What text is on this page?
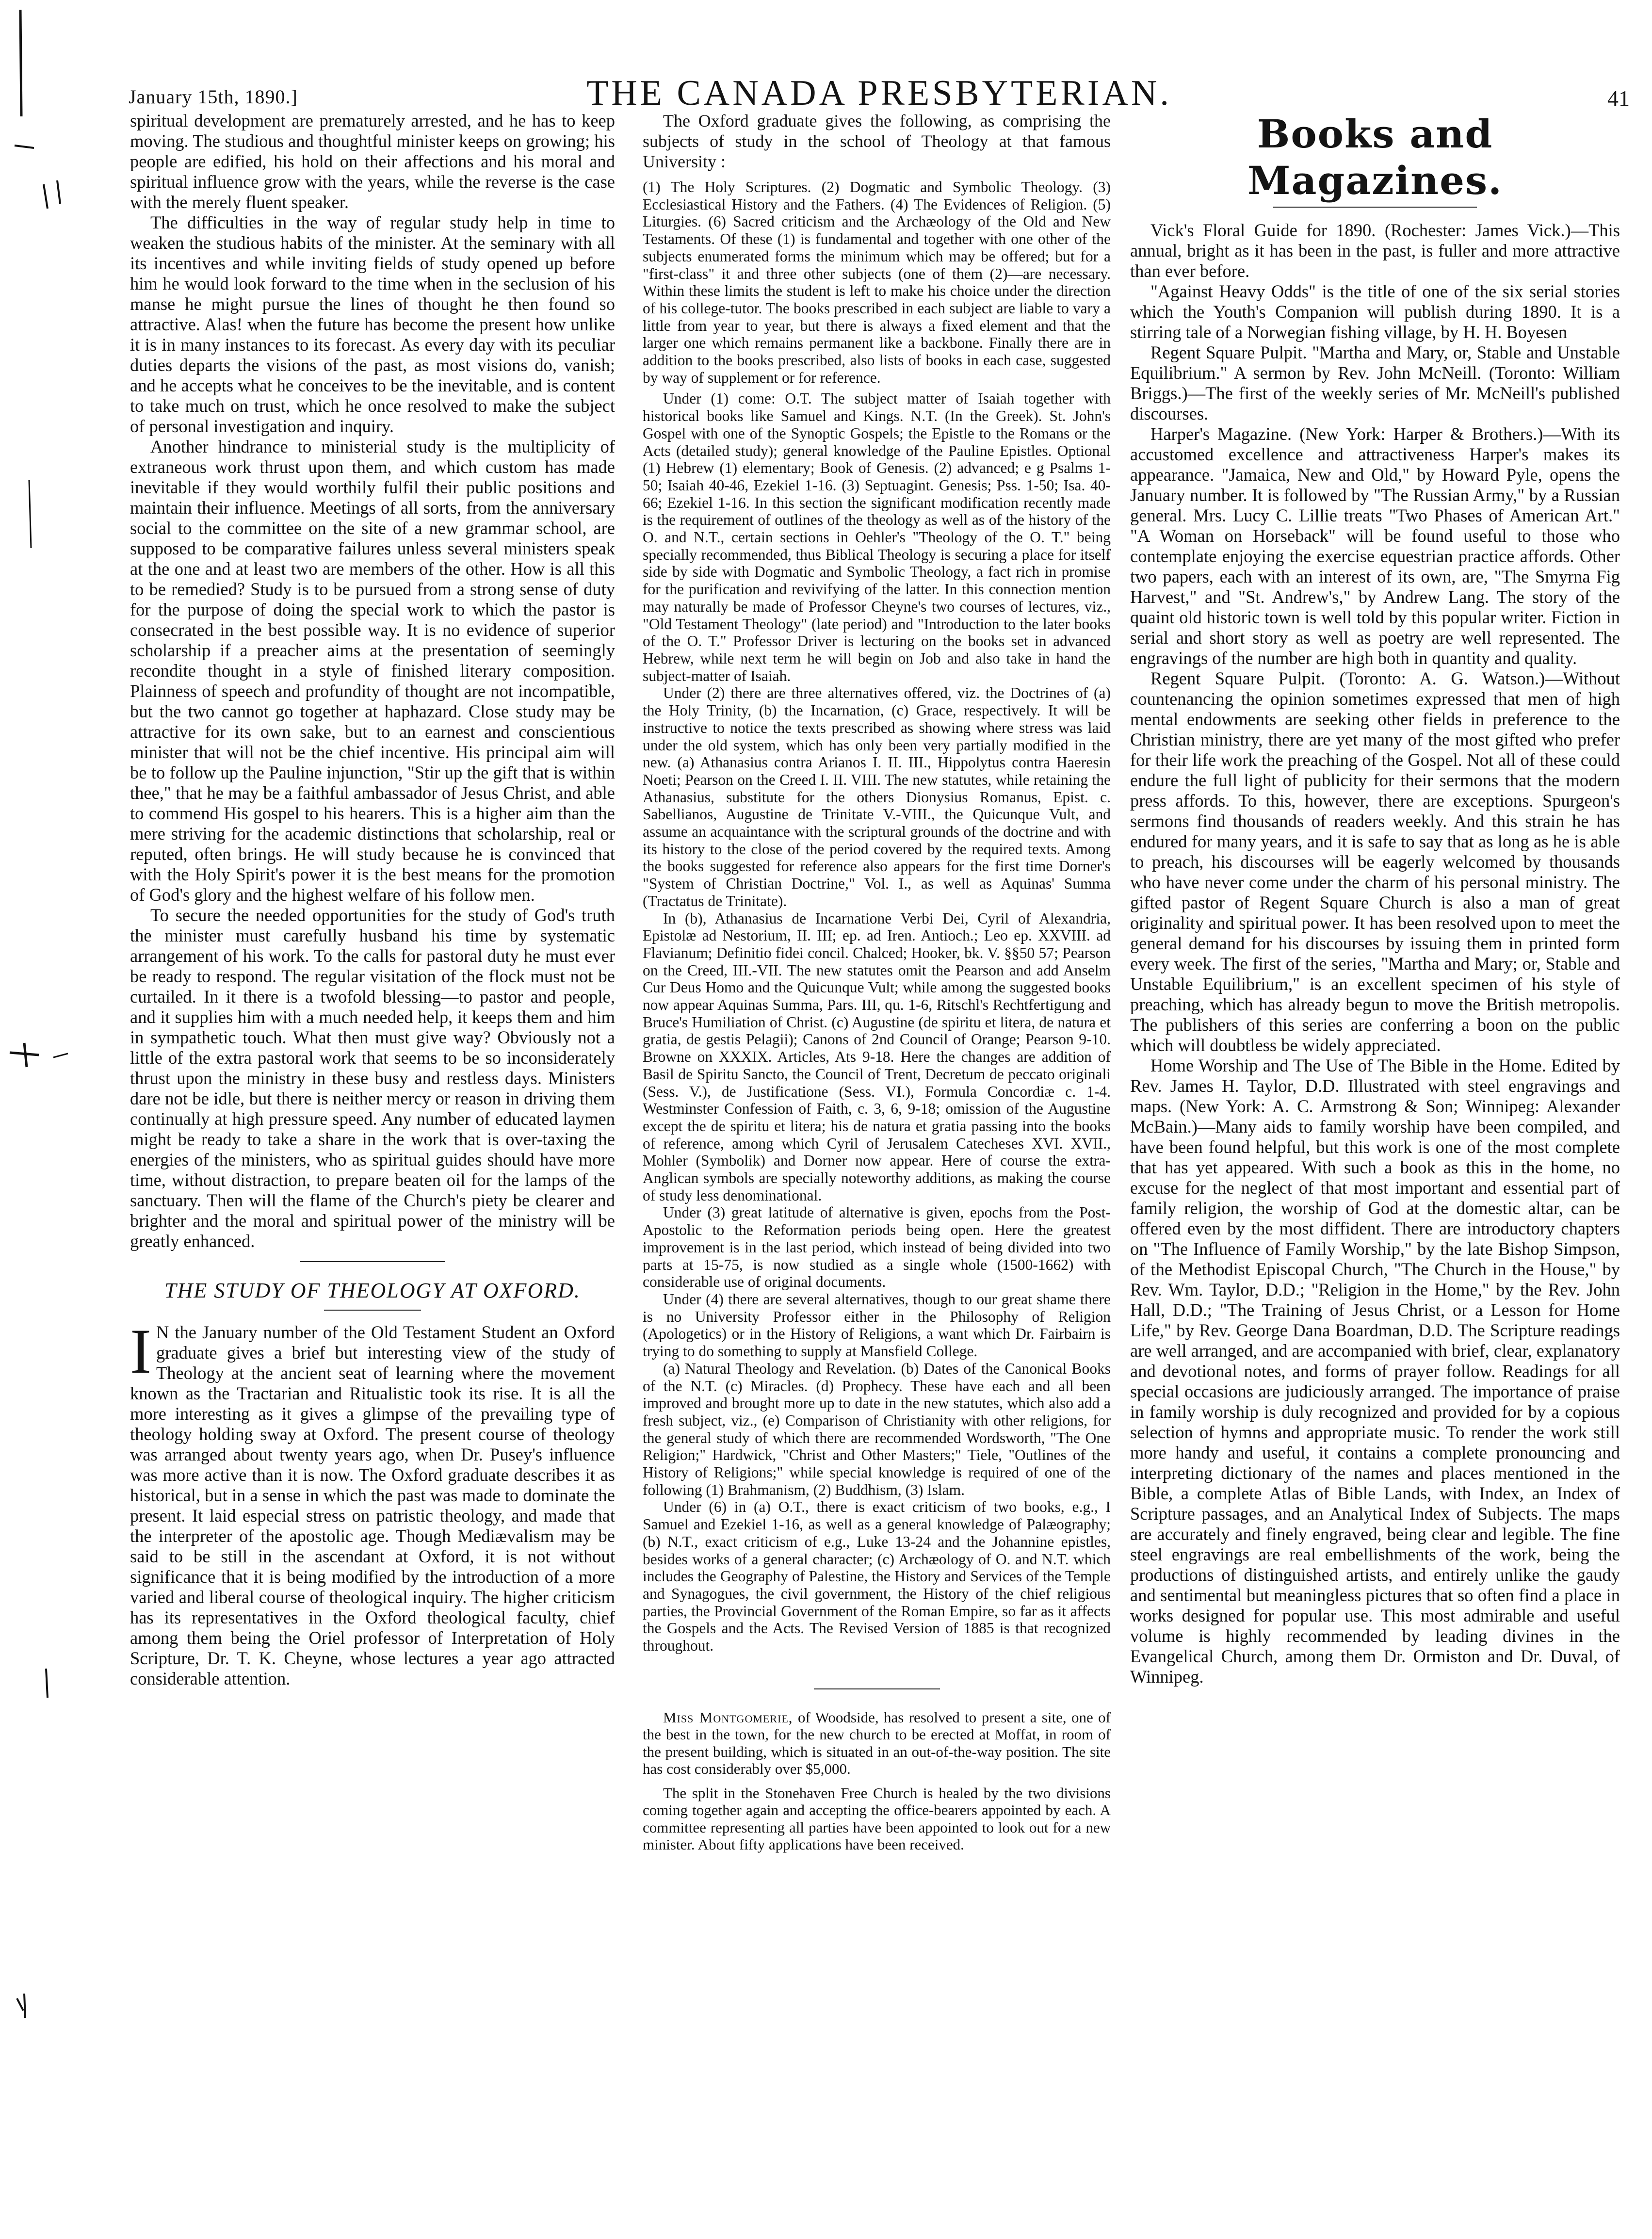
January 15th, 1890.]	THE CANADA PRESBYTERIAN.	41

spiritual development are prematurely arrested, and he has to keep moving. The studious and thoughtful minister keeps on growing; his people are edified, his hold on their affections and his moral and spiritual influence grow with the years, while the reverse is the case with the merely fluent speaker.

The difficulties in the way of regular study help in time to weaken the studious habits of the minister. At the seminary with all its incentives and while inviting fields of study opened up before him he would look forward to the time when in the seclusion of his manse he might pursue the lines of thought he then found so attractive. Alas! when the future has become the present how unlike it is in many instances to its forecast. As every day with its peculiar duties departs the visions of the past, as most visions do, vanish; and he accepts what he conceives to be the inevitable, and is content to take much on trust, which he once resolved to make the subject of personal investigation and inquiry.

Another hindrance to ministerial study is the multiplicity of extraneous work thrust upon them, and which custom has made inevitable if they would worthily fulfil their public positions and maintain their influence. Meetings of all sorts, from the anniversary social to the committee on the site of a new grammar school, are supposed to be comparative failures unless several ministers speak at the one and at least two are members of the other. How is all this to be remedied? Study is to be pursued from a strong sense of duty for the purpose of doing the special work to which the pastor is consecrated in the best possible way. It is no evidence of superior scholarship if a preacher aims at the presentation of seemingly recondite thought in a style of finished literary composition. Plainness of speech and profundity of thought are not incompatible, but the two cannot go together at haphazard. Close study may be attractive for its own sake, but to an earnest and conscientious minister that will not be the chief incentive. His principal aim will be to follow up the Pauline injunction, "Stir up the gift that is within thee," that he may be a faithful ambassador of Jesus Christ, and able to commend His gospel to his hearers. This is a higher aim than the mere striving for the academic distinctions that scholarship, real or reputed, often brings. He will study because he is convinced that with the Holy Spirit's power it is the best means for the promotion of God's glory and the highest welfare of his follow men.

To secure the needed opportunities for the study of God's truth the minister must carefully husband his time by systematic arrangement of his work. To the calls for pastoral duty he must ever be ready to respond. The regular visitation of the flock must not be curtailed. In it there is a twofold blessing—to pastor and people, and it supplies him with a much needed help, it keeps them and him in sympathetic touch. What then must give way? Obviously not a little of the extra pastoral work that seems to be so inconsiderately thrust upon the ministry in these busy and restless days. Ministers dare not be idle, but there is neither mercy or reason in driving them continually at high pressure speed. Any number of educated laymen might be ready to take a share in the work that is over-taxing the energies of the ministers, who as spiritual guides should have more time, without distraction, to prepare beaten oil for the lamps of the sanctuary. Then will the flame of the Church's piety be clearer and brighter and the moral and spiritual power of the ministry will be greatly enhanced.

THE STUDY OF THEOLOGY AT OXFORD.

I N the January number of the Old Testament Student an Oxford graduate gives a brief but interesting view of the study of Theology at the ancient seat of learning where the movement known as the Tractarian and Ritualistic took its rise. It is all the more interesting as it gives a glimpse of the prevailing type of theology holding sway at Oxford. The present course of theology was arranged about twenty years ago, when Dr. Pusey's influence was more active than it is now. The Oxford graduate describes it as historical, but in a sense in which the past was made to dominate the present. It laid especial stress on patristic theology, and made that the interpreter of the apostolic age. Though Mediævalism may be said to be still in the ascendant at Oxford, it is not without significance that it is being modified by the introduction of a more varied and liberal course of theological inquiry. The higher criticism has its representatives in the Oxford theological faculty, chief among them being the Oriel professor of Interpretation of Holy Scripture, Dr. T. K. Cheyne, whose lectures a year ago attracted considerable attention.

The Oxford graduate gives the following, as comprising the subjects of study in the school of Theology at that famous University :

(1) The Holy Scriptures. (2) Dogmatic and Symbolic Theology. (3) Ecclesiastical History and the Fathers. (4) The Evidences of Religion. (5) Liturgies. (6) Sacred criticism and the Archæology of the Old and New Testaments. Of these (1) is fundamental and together with one other of the subjects enumerated forms the minimum which may be offered; but for a "first-class" it and three other subjects (one of them (2)—are necessary. Within these limits the student is left to make his choice under the direction of his college-tutor. The books prescribed in each subject are liable to vary a little from year to year, but there is always a fixed element and that the larger one which remains permanent like a backbone. Finally there are in addition to the books prescribed, also lists of books in each case, suggested by way of supplement or for reference.

Under (1) come: O.T. The subject matter of Isaiah together with historical books like Samuel and Kings. N.T. (In the Greek). St. John's Gospel with one of the Synoptic Gospels; the Epistle to the Romans or the Acts (detailed study); general knowledge of the Pauline Epistles. Optional (1) Hebrew (1) elementary; Book of Genesis. (2) advanced; e g Psalms 1-50; Isaiah 40-46, Ezekiel 1-16. (3) Septuagint. Genesis; Pss. 1-50; Isa. 40-66; Ezekiel 1-16. In this section the significant modification recently made is the requirement of outlines of the theology as well as of the history of the O. and N.T., certain sections in Oehler's "Theology of the O. T." being specially recommended, thus Biblical Theology is securing a place for itself side by side with Dogmatic and Symbolic Theology, a fact rich in promise for the purification and revivifying of the latter. In this connection mention may naturally be made of Professor Cheyne's two courses of lectures, viz., "Old Testament Theology" (late period) and "Introduction to the later books of the O. T." Professor Driver is lecturing on the books set in advanced Hebrew, while next term he will begin on Job and also take in hand the subject-matter of Isaiah.

Under (2) there are three alternatives offered, viz. the Doctrines of (a) the Holy Trinity, (b) the Incarnation, (c) Grace, respectively. It will be instructive to notice the texts prescribed as showing where stress was laid under the old system, which has only been very partially modified in the new. (a) Athanasius contra Arianos I. II. III., Hippolytus contra Haeresin Noeti; Pearson on the Creed I. II. VIII. The new statutes, while retaining the Athanasius, substitute for the others Dionysius Romanus, Epist. c. Sabellianos, Augustine de Trinitate V.-VIII., the Quicunque Vult, and assume an acquaintance with the scriptural grounds of the doctrine and with its history to the close of the period covered by the required texts. Among the books suggested for reference also appears for the first time Dorner's "System of Christian Doctrine," Vol. I., as well as Aquinas' Summa (Tractatus de Trinitate).

In (b), Athanasius de Incarnatione Verbi Dei, Cyril of Alexandria, Epistolæ ad Nestorium, II. III; ep. ad Iren. Antioch.; Leo ep. XXVIII. ad Flavianum; Definitio fidei concil. Chalced; Hooker, bk. V. §§50 57; Pearson on the Creed, III.-VII. The new statutes omit the Pearson and add Anselm Cur Deus Homo and the Quicunque Vult; while among the suggested books now appear Aquinas Summa, Pars. III, qu. 1-6, Ritschl's Rechtfertigung and Bruce's Humiliation of Christ. (c) Augustine (de spiritu et litera, de natura et gratia, de gestis Pelagii); Canons of 2nd Council of Orange; Pearson 9-10. Browne on XXXIX. Articles, Ats 9-18. Here the changes are addition of Basil de Spiritu Sancto, the Council of Trent, Decretum de peccato originali (Sess. V.), de Justificatione (Sess. VI.), Formula Concordiæ c. 1-4. Westminster Confession of Faith, c. 3, 6, 9-18; omission of the Augustine except the de spiritu et litera; his de natura et gratia passing into the books of reference, among which Cyril of Jerusalem Catecheses XVI. XVII., Mohler (Symbolik) and Dorner now appear. Here of course the extra-Anglican symbols are specially noteworthy additions, as making the course of study less denominational.

Under (3) great latitude of alternative is given, epochs from the Post-Apostolic to the Reformation periods being open. Here the greatest improvement is in the last period, which instead of being divided into two parts at 15-75, is now studied as a single whole (1500-1662) with considerable use of original documents.

Under (4) there are several alternatives, though to our great shame there is no University Professor either in the Philosophy of Religion (Apologetics) or in the History of Religions, a want which Dr. Fairbairn is trying to do something to supply at Mansfield College.

(a) Natural Theology and Revelation. (b) Dates of the Canonical Books of the N.T. (c) Miracles. (d) Prophecy. These have each and all been improved and brought more up to date in the new statutes, which also add a fresh subject, viz., (e) Comparison of Christianity with other religions, for the general study of which there are recommended Wordsworth, "The One Religion;" Hardwick, "Christ and Other Masters;" Tiele, "Outlines of the History of Religions;" while special knowledge is required of one of the following (1) Brahmanism, (2) Buddhism, (3) Islam.

Under (6) in (a) O.T., there is exact criticism of two books, e.g., I Samuel and Ezekiel 1-16, as well as a general knowledge of Palæography; (b) N.T., exact criticism of e.g., Luke 13-24 and the Johannine epistles, besides works of a general character; (c) Archæology of O. and N.T. which includes the Geography of Palestine, the History and Services of the Temple and Synagogues, the civil government, the History of the chief religious parties, the Provincial Government of the Roman Empire, so far as it affects the Gospels and the Acts. The Revised Version of 1885 is that recognized throughout.

Miss Montgomerie, of Woodside, has resolved to present a site, one of the best in the town, for the new church to be erected at Moffat, in room of the present building, which is situated in an out-of-the-way position. The site has cost considerably over $5,000.

The split in the Stonehaven Free Church is healed by the two divisions coming together again and accepting the office-bearers appointed by each. A committee representing all parties have been appointed to look out for a new minister. About fifty applications have been received.

Books and Magazines.

Vick's Floral Guide for 1890. (Rochester: James Vick.)—This annual, bright as it has been in the past, is fuller and more attractive than ever before.

"Against Heavy Odds" is the title of one of the six serial stories which the Youth's Companion will publish during 1890. It is a stirring tale of a Norwegian fishing village, by H. H. Boyesen

Regent Square Pulpit. "Martha and Mary, or, Stable and Unstable Equilibrium." A sermon by Rev. John McNeill. (Toronto: William Briggs.)—The first of the weekly series of Mr. McNeill's published discourses.

Harper's Magazine. (New York: Harper & Brothers.)—With its accustomed excellence and attractiveness Harper's makes its appearance. "Jamaica, New and Old," by Howard Pyle, opens the January number. It is followed by "The Russian Army," by a Russian general. Mrs. Lucy C. Lillie treats "Two Phases of American Art." "A Woman on Horseback" will be found useful to those who contemplate enjoying the exercise equestrian practice affords. Other two papers, each with an interest of its own, are, "The Smyrna Fig Harvest," and "St. Andrew's," by Andrew Lang. The story of the quaint old historic town is well told by this popular writer. Fiction in serial and short story as well as poetry are well represented. The engravings of the number are high both in quantity and quality.

Regent Square Pulpit. (Toronto: A. G. Watson.)—Without countenancing the opinion sometimes expressed that men of high mental endowments are seeking other fields in preference to the Christian ministry, there are yet many of the most gifted who prefer for their life work the preaching of the Gospel. Not all of these could endure the full light of publicity for their sermons that the modern press affords. To this, however, there are exceptions. Spurgeon's sermons find thousands of readers weekly. And this strain he has endured for many years, and it is safe to say that as long as he is able to preach, his discourses will be eagerly welcomed by thousands who have never come under the charm of his personal ministry. The gifted pastor of Regent Square Church is also a man of great originality and spiritual power. It has been resolved upon to meet the general demand for his discourses by issuing them in printed form every week. The first of the series, "Martha and Mary; or, Stable and Unstable Equilibrium," is an excellent specimen of his style of preaching, which has already begun to move the British metropolis. The publishers of this series are conferring a boon on the public which will doubtless be widely appreciated.

Home Worship and The Use of The Bible in the Home. Edited by Rev. James H. Taylor, D.D. Illustrated with steel engravings and maps. (New York: A. C. Armstrong & Son; Winnipeg: Alexander McBain.)—Many aids to family worship have been compiled, and have been found helpful, but this work is one of the most complete that has yet appeared. With such a book as this in the home, no excuse for the neglect of that most important and essential part of family religion, the worship of God at the domestic altar, can be offered even by the most diffident. There are introductory chapters on "The Influence of Family Worship," by the late Bishop Simpson, of the Methodist Episcopal Church, "The Church in the House," by Rev. Wm. Taylor, D.D.; "Religion in the Home," by the Rev. John Hall, D.D.; "The Training of Jesus Christ, or a Lesson for Home Life," by Rev. George Dana Boardman, D.D. The Scripture readings are well arranged, and are accompanied with brief, clear, explanatory and devotional notes, and forms of prayer follow. Readings for all special occasions are judiciously arranged. The importance of praise in family worship is duly recognized and provided for by a copious selection of hymns and appropriate music. To render the work still more handy and useful, it contains a complete pronouncing and interpreting dictionary of the names and places mentioned in the Bible, a complete Atlas of Bible Lands, with Index, an Index of Scripture passages, and an Analytical Index of Subjects. The maps are accurately and finely engraved, being clear and legible. The fine steel engravings are real embellishments of the work, being the productions of distinguished artists, and entirely unlike the gaudy and sentimental but meaningless pictures that so often find a place in works designed for popular use. This most admirable and useful volume is highly recommended by leading divines in the Evangelical Church, among them Dr. Ormiston and Dr. Duval, of Winnipeg.
